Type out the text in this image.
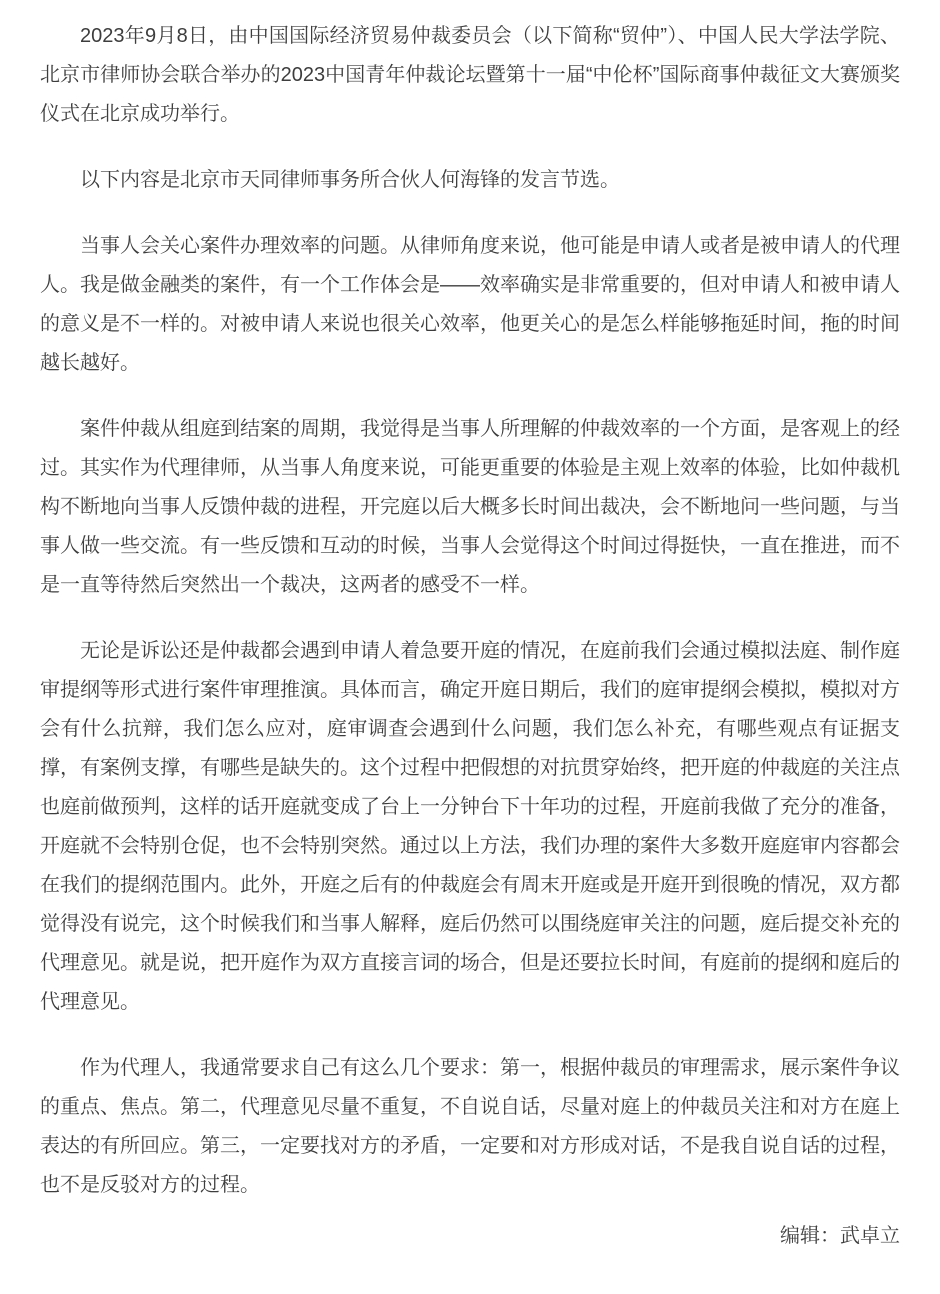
2023年9月8日，由中国国际经济贸易仲裁委员会（以下简称“贸仲”）、中国人民大学法学院、北京市律师协会联合举办的2023中国青年仲裁论坛暨第十一届“中伦杯”国际商事仲裁征文大赛颁奖仪式在北京成功举行。

以下内容是北京市天同律师事务所合伙人何海锋的发言节选。

当事人会关心案件办理效率的问题。从律师角度来说，他可能是申请人或者是被申请人的代理人。我是做金融类的案件，有一个工作体会是——效率确实是非常重要的，但对申请人和被申请人的意义是不一样的。对被申请人来说也很关心效率，他更关心的是怎么样能够拖延时间，拖的时间越长越好。

案件仲裁从组庭到结案的周期，我觉得是当事人所理解的仲裁效率的一个方面，是客观上的经过。其实作为代理律师，从当事人角度来说，可能更重要的体验是主观上效率的体验，比如仲裁机构不断地向当事人反馈仲裁的进程，开完庭以后大概多长时间出裁决，会不断地问一些问题，与当事人做一些交流。有一些反馈和互动的时候，当事人会觉得这个时间过得挺快，一直在推进，而不是一直等待然后突然出一个裁决，这两者的感受不一样。

无论是诉讼还是仲裁都会遇到申请人着急要开庭的情况，在庭前我们会通过模拟法庭、制作庭审提纲等形式进行案件审理推演。具体而言，确定开庭日期后，我们的庭审提纲会模拟，模拟对方会有什么抗辩，我们怎么应对，庭审调查会遇到什么问题，我们怎么补充，有哪些观点有证据支撑，有案例支撑，有哪些是缺失的。这个过程中把假想的对抗贯穿始终，把开庭的仲裁庭的关注点也庭前做预判，这样的话开庭就变成了台上一分钟台下十年功的过程，开庭前我做了充分的准备，开庭就不会特别仓促，也不会特别突然。通过以上方法，我们办理的案件大多数开庭庭审内容都会在我们的提纲范围内。此外，开庭之后有的仲裁庭会有周末开庭或是开庭开到很晚的情况，双方都觉得没有说完，这个时候我们和当事人解释，庭后仍然可以围绕庭审关注的问题，庭后提交补充的代理意见。就是说，把开庭作为双方直接言词的场合，但是还要拉长时间，有庭前的提纲和庭后的代理意见。

作为代理人，我通常要求自己有这么几个要求：第一，根据仲裁员的审理需求，展示案件争议的重点、焦点。第二，代理意见尽量不重复，不自说自话，尽量对庭上的仲裁员关注和对方在庭上表达的有所回应。第三，一定要找对方的矛盾，一定要和对方形成对话，不是我自说自话的过程，也不是反驳对方的过程。

编辑：武卓立
